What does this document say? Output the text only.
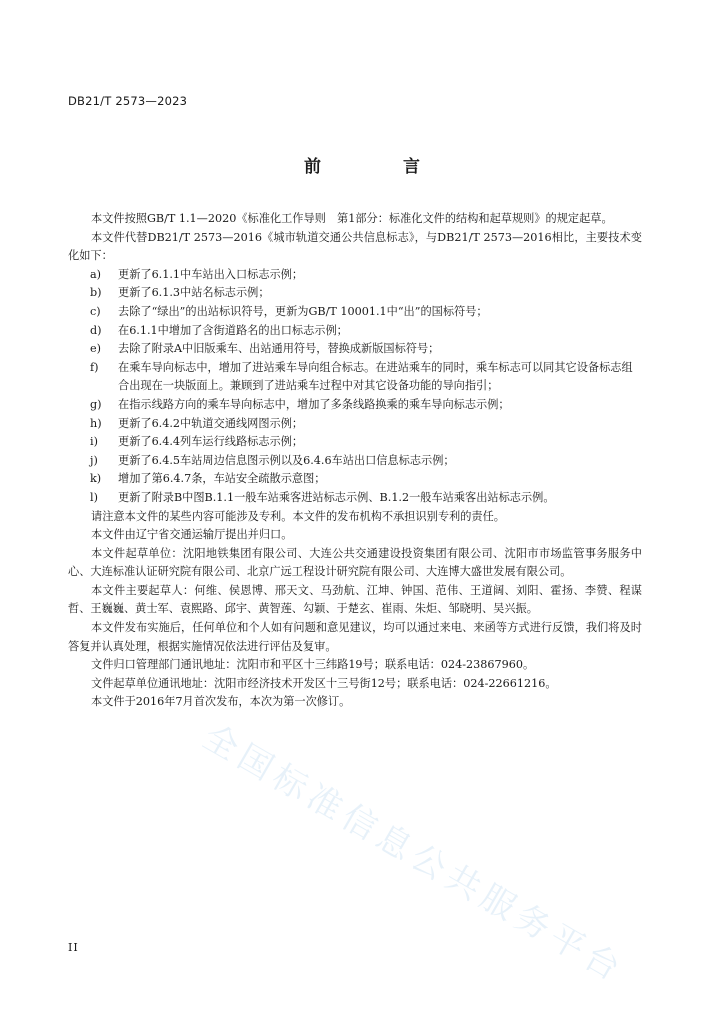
DB21/T 2573—2023
前 言

本文件按照GB/T 1.1—2020《标准化工作导则　第1部分：标准化文件的结构和起草规则》的规定起草。

本文件代替DB21/T 2573—2016《城市轨道交通公共信息标志》，与DB21/T 2573—2016相比，主要技术变化如下：

a)	更新了6.1.1中车站出入口标志示例；
b)	更新了6.1.3中站名标志示例；
c)	去除了“绿出”的出站标识符号，更新为GB/T 10001.1中“出”的国标符号；
d)	在6.1.1中增加了含街道路名的出口标志示例；
e)	去除了附录A中旧版乘车、出站通用符号，替换成新版国标符号；
f)	在乘车导向标志中，增加了进站乘车导向组合标志。在进站乘车的同时，乘车标志可以同其它设备标志组合出现在一块版面上。兼顾到了进站乘车过程中对其它设备功能的导向指引；
g)	在指示线路方向的乘车导向标志中，增加了多条线路换乘的乘车导向标志示例；
h)	更新了6.4.2中轨道交通线网图示例；
i)	更新了6.4.4列车运行线路标志示例；
j)	更新了6.4.5车站周边信息图示例以及6.4.6车站出口信息标志示例；
k)	增加了第6.4.7条，车站安全疏散示意图；
l)	更新了附录B中图B.1.1一般车站乘客进站标志示例、B.1.2一般车站乘客出站标志示例。

请注意本文件的某些内容可能涉及专利。本文件的发布机构不承担识别专利的责任。

本文件由辽宁省交通运输厅提出并归口。

本文件起草单位：沈阳地铁集团有限公司、大连公共交通建设投资集团有限公司、沈阳市市场监管事务服务中心、大连标准认证研究院有限公司、北京广远工程设计研究院有限公司、大连博大盛世发展有限公司。

本文件主要起草人：何维、侯恩博、邢天文、马劲航、江坤、钟国、范伟、王道阔、刘阳、霍扬、李赞、程谋哲、王巍巍、黄士军、袁熙路、邱宇、黄智莲、勾颖、于楚玄、崔雨、朱炬、邹晓明、吴兴振。

本文件发布实施后，任何单位和个人如有问题和意见建议，均可以通过来电、来函等方式进行反馈，我们将及时答复并认真处理，根据实施情况依法进行评估及复审。

文件归口管理部门通讯地址：沈阳市和平区十三纬路19号；联系电话：024-23867960。

文件起草单位通讯地址：沈阳市经济技术开发区十三号街12号；联系电话：024-22661216。

本文件于2016年7月首次发布，本次为第一次修订。

全国标准信息公共服务平台
II
